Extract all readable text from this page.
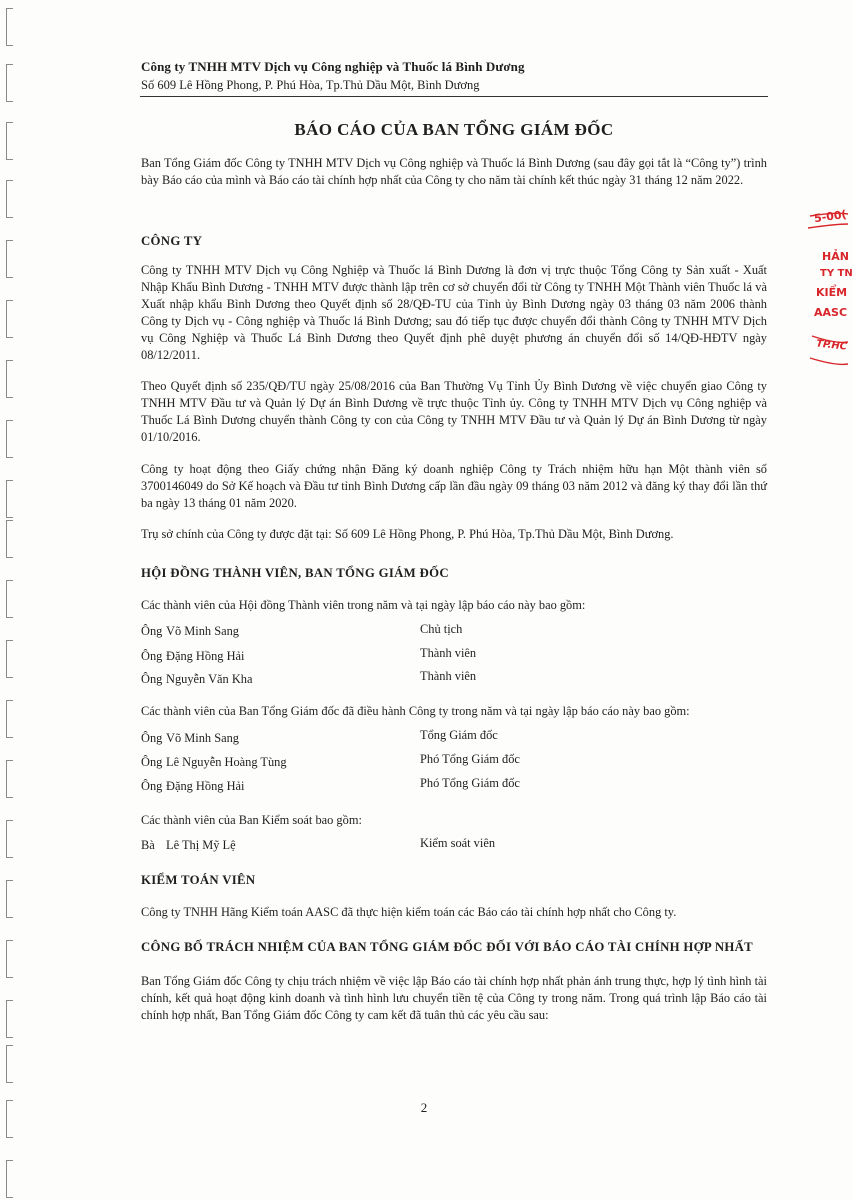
Công ty TNHH MTV Dịch vụ Công nghiệp và Thuốc lá Bình Dương
Số 609 Lê Hồng Phong, P. Phú Hòa, Tp.Thủ Dầu Một, Bình Dương
BÁO CÁO CỦA BAN TỔNG GIÁM ĐỐC
Ban Tổng Giám đốc Công ty TNHH MTV Dịch vụ Công nghiệp và Thuốc lá Bình Dương (sau đây gọi tắt là “Công ty”) trình bày Báo cáo của mình và Báo cáo tài chính hợp nhất của Công ty cho năm tài chính kết thúc ngày 31 tháng 12 năm 2022.
CÔNG TY
Công ty TNHH MTV Dịch vụ Công Nghiệp và Thuốc lá Bình Dương là đơn vị trực thuộc Tổng Công ty Sản xuất - Xuất Nhập Khẩu Bình Dương - TNHH MTV được thành lập trên cơ sở chuyển đổi từ Công ty TNHH Một Thành viên Thuốc lá và Xuất nhập khẩu Bình Dương theo Quyết định số 28/QĐ-TU của Tỉnh ủy Bình Dương ngày 03 tháng 03 năm 2006 thành Công ty Dịch vụ - Công nghiệp và Thuốc lá Bình Dương; sau đó tiếp tục được chuyển đổi thành Công ty TNHH MTV Dịch vụ Công Nghiệp và Thuốc Lá Bình Dương theo Quyết định phê duyệt phương án chuyển đổi số 14/QĐ-HĐTV ngày 08/12/2011.
Theo Quyết định số 235/QĐ/TU ngày 25/08/2016 của Ban Thường Vụ Tỉnh Ủy Bình Dương về việc chuyển giao Công ty TNHH MTV Đầu tư và Quản lý Dự án Bình Dương về trực thuộc Tỉnh ủy. Công ty TNHH MTV Dịch vụ Công nghiệp và Thuốc Lá Bình Dương chuyển thành Công ty con của Công ty TNHH MTV Đầu tư và Quản lý Dự án Bình Dương từ ngày 01/10/2016.
Công ty hoạt động theo Giấy chứng nhận Đăng ký doanh nghiệp Công ty Trách nhiệm hữu hạn Một thành viên số 3700146049 do Sở Kế hoạch và Đầu tư tỉnh Bình Dương cấp lần đầu ngày 09 tháng 03 năm 2012 và đăng ký thay đổi lần thứ ba ngày 13 tháng 01 năm 2020.
Trụ sở chính của Công ty được đặt tại: Số 609 Lê Hồng Phong, P. Phú Hòa, Tp.Thủ Dầu Một, Bình Dương.
HỘI ĐỒNG THÀNH VIÊN, BAN TỔNG GIÁM ĐỐC
Các thành viên của Hội đồng Thành viên trong năm và tại ngày lập báo cáo này bao gồm:
Ông Võ Minh Sang	Chủ tịch
Ông Đặng Hồng Hải	Thành viên
Ông Nguyễn Văn Kha	Thành viên
Các thành viên của Ban Tổng Giám đốc đã điều hành Công ty trong năm và tại ngày lập báo cáo này bao gồm:
Ông Võ Minh Sang	Tổng Giám đốc
Ông Lê Nguyễn Hoàng Tùng	Phó Tổng Giám đốc
Ông Đặng Hồng Hải	Phó Tổng Giám đốc
Các thành viên của Ban Kiểm soát bao gồm:
Bà Lê Thị Mỹ Lệ	Kiểm soát viên
KIỂM TOÁN VIÊN
Công ty TNHH Hãng Kiểm toán AASC đã thực hiện kiểm toán các Báo cáo tài chính hợp nhất cho Công ty.
CÔNG BỐ TRÁCH NHIỆM CỦA BAN TỔNG GIÁM ĐỐC ĐỐI VỚI BÁO CÁO TÀI CHÍNH HỢP NHẤT
Ban Tổng Giám đốc Công ty chịu trách nhiệm về việc lập Báo cáo tài chính hợp nhất phản ánh trung thực, hợp lý tình hình tài chính, kết quả hoạt động kinh doanh và tình hình lưu chuyển tiền tệ của Công ty trong năm. Trong quá trình lập Báo cáo tài chính hợp nhất, Ban Tổng Giám đốc Công ty cam kết đã tuân thủ các yêu cầu sau:
2
5-00(
HẢN
TY TN
KIỂM
AASC
TP.HC
